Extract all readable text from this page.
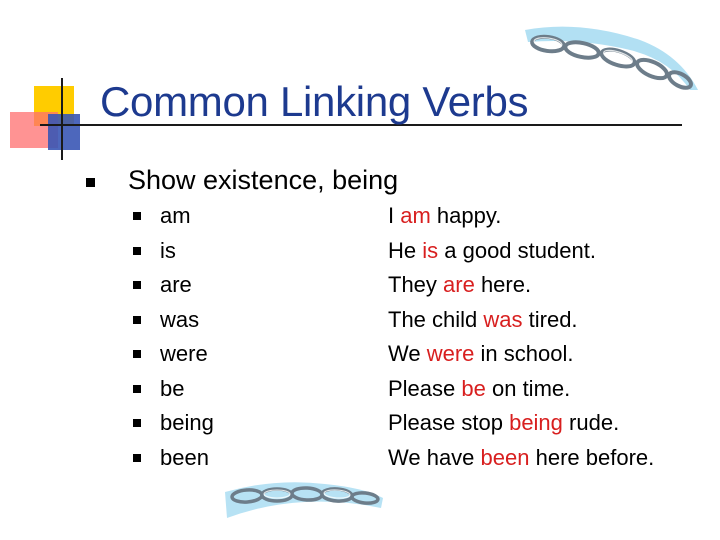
Common Linking Verbs
Show existence, being
am
is
are
was
were
be
being
been
I am happy.
He is a good student.
They are here.
The child was tired.
We were in school.
Please be on time.
Please stop being rude.
We have been here before.
